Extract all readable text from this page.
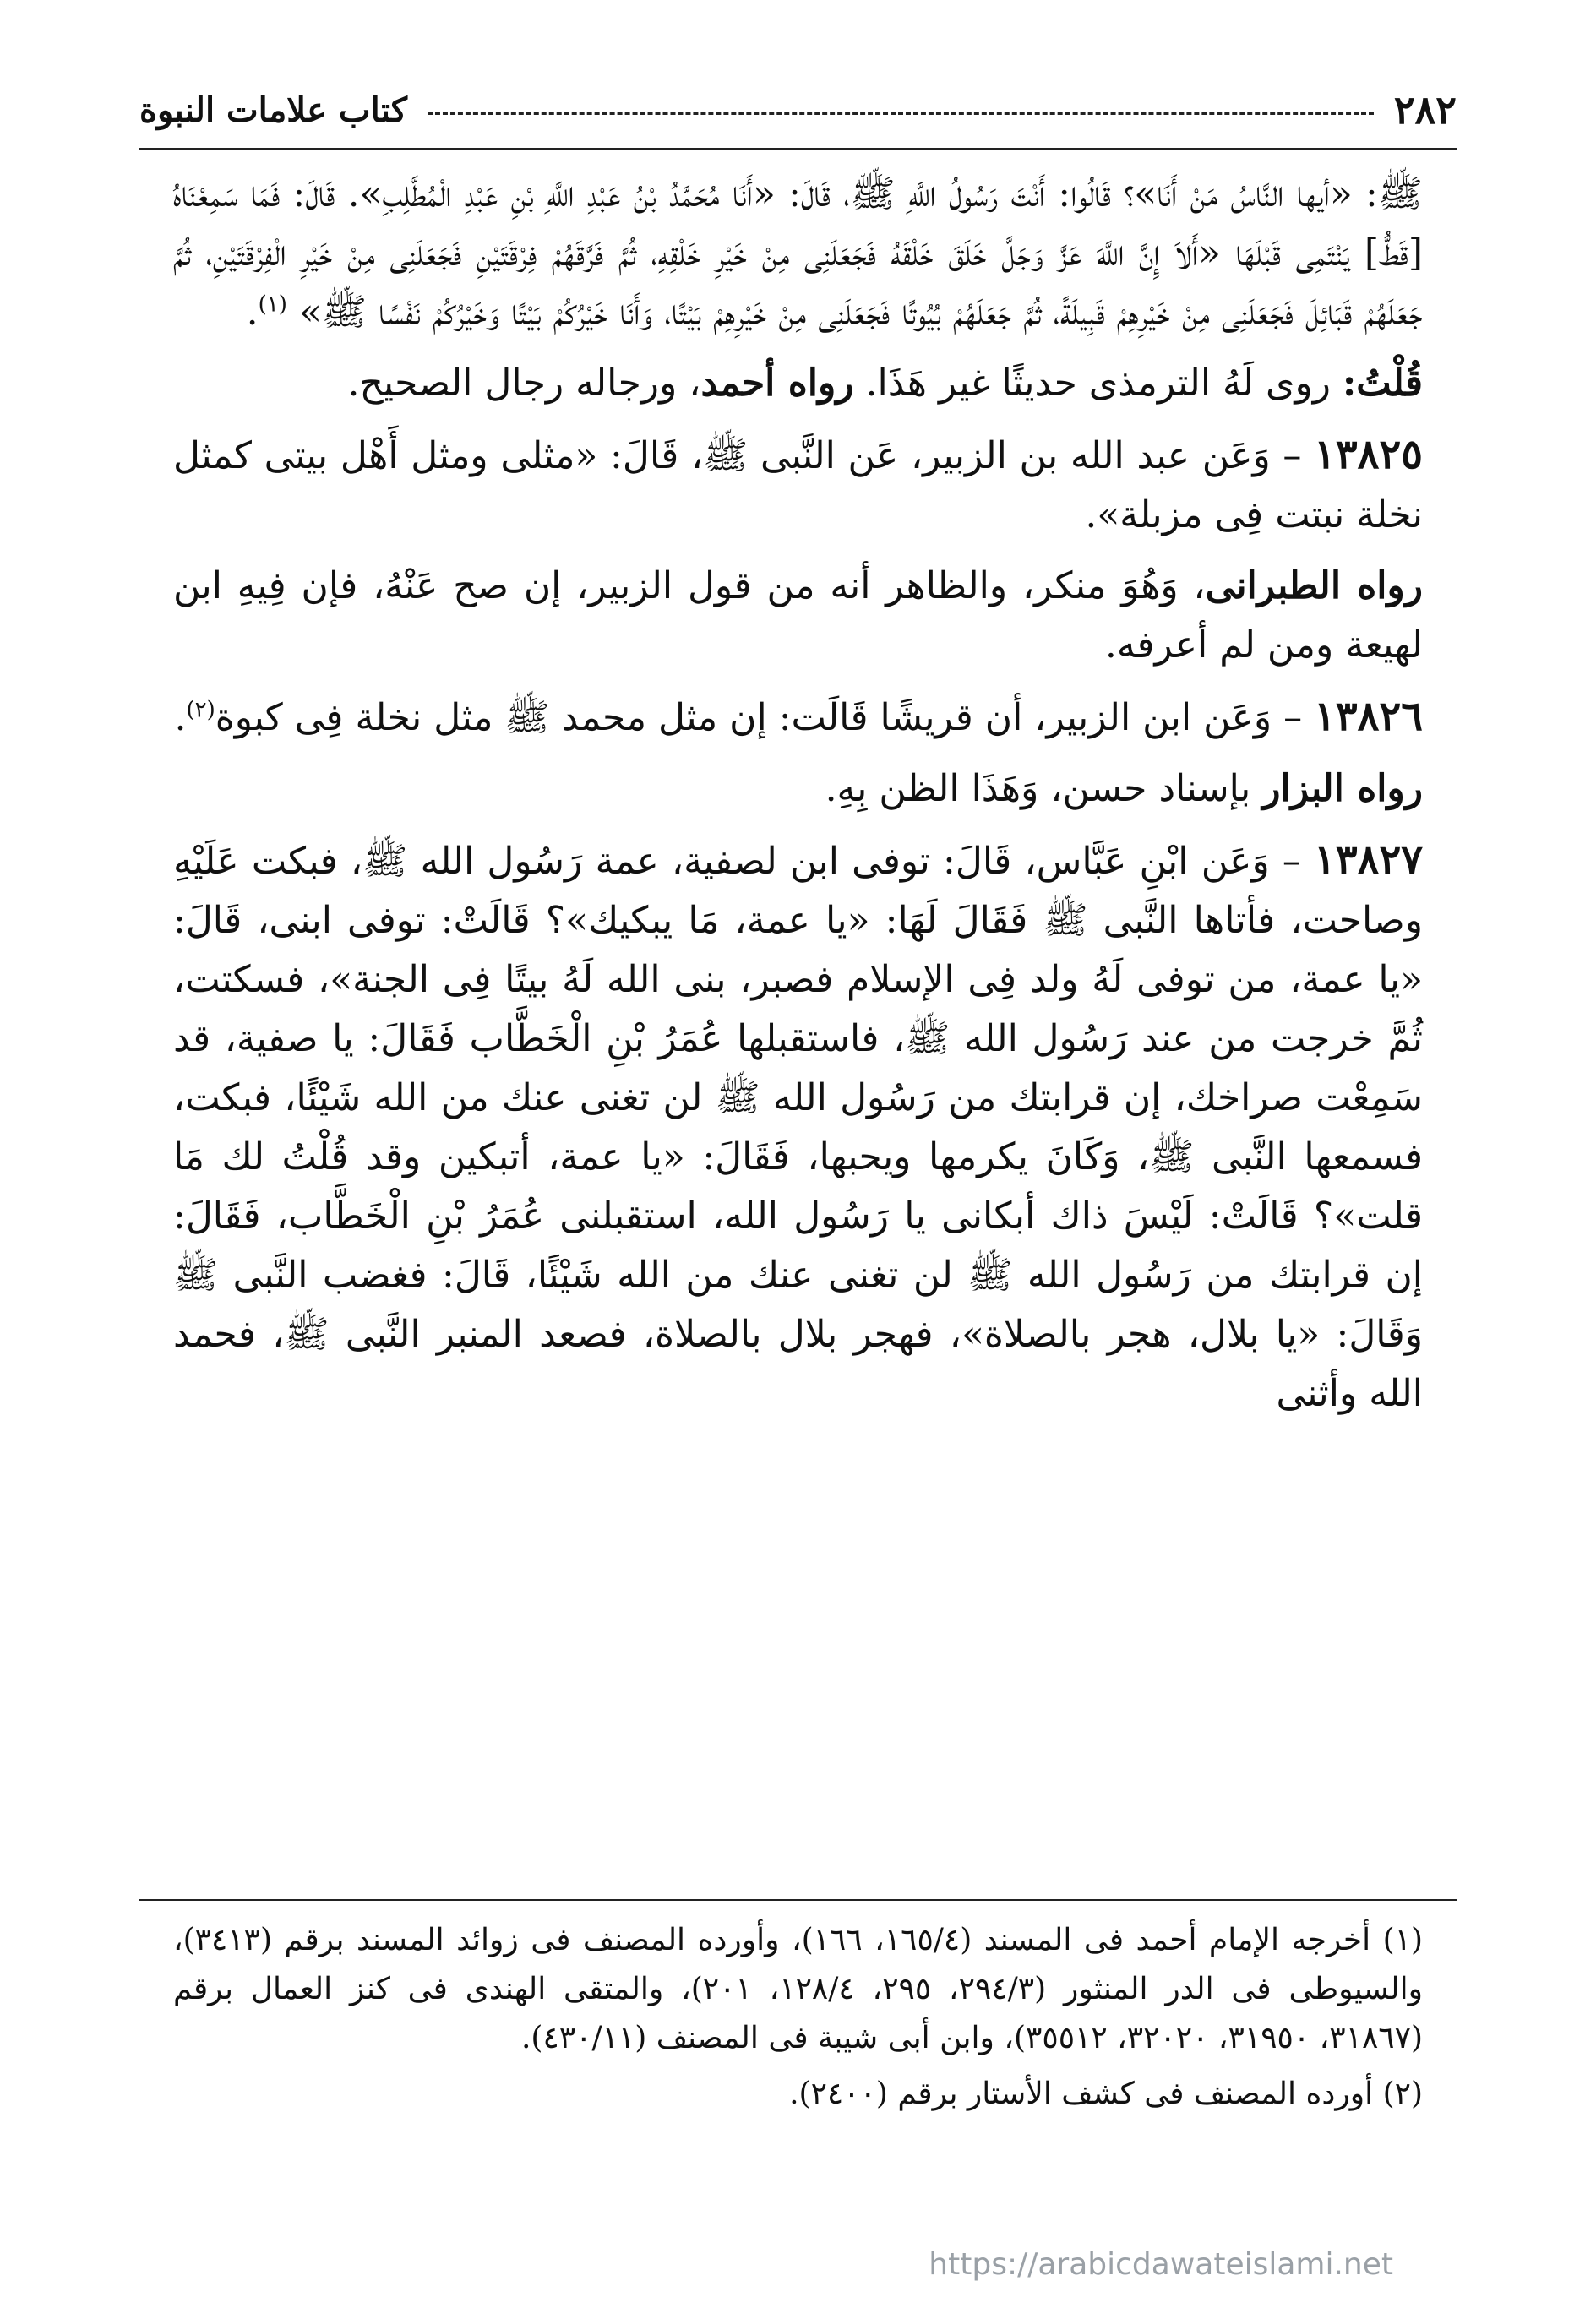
٢٨٢
كتاب علامات النبوة

ﷺ: «أيها النَّاسُ مَنْ أَنَا»؟ قَالُوا: أَنْتَ رَسُولُ اللَّهِ ﷺ، قَالَ: «أَنَا مُحَمَّدُ بْنُ عَبْدِ اللَّهِ بْنِ عَبْدِ الْمُطَّلِبِ». قَالَ: فَمَا سَمِعْنَاهُ [قَطُّ] يَنْتَمِى قَبْلَهَا «أَلاَ إِنَّ اللَّهَ عَزَّ وَجَلَّ خَلَقَ خَلْقَهُ فَجَعَلَنِى مِنْ خَيْرِ خَلْقِهِ، ثُمَّ فَرَّقَهُمْ فِرْقَتَيْنِ فَجَعَلَنِى مِنْ خَيْرِ الْفِرْقَتَيْنِ، ثُمَّ جَعَلَهُمْ قَبَائِلَ فَجَعَلَنِى مِنْ خَيْرِهِمْ قَبِيلَةً، ثُمَّ جَعَلَهُمْ بُيُوتًا فَجَعَلَنِى مِنْ خَيْرِهِمْ بَيْتًا، وَأَنَا خَيْرُكُمْ بَيْتًا وَخَيْرُكُمْ نَفْسًا ﷺ» $^{(١)}$.

قُلْتُ: روى لَهُ الترمذى حديثًا غير هَذَا. رواه أحمد، ورجاله رجال الصحيح.

١٣٨٢٥ – وَعَن عبد الله بن الزبير، عَن النَّبى ﷺ، قَالَ: «مثلى ومثل أَهْل بيتى كمثل نخلة نبتت فِى مزبلة».

رواه الطبرانى، وَهُوَ منكر، والظاهر أنه من قول الزبير، إن صح عَنْهُ، فإن فِيهِ ابن لهيعة ومن لم أعرفه.

١٣٨٢٦ – وَعَن ابن الزبير، أن قريشًا قَالَت: إن مثل محمد ﷺ مثل نخلة فِى كبوة$^{(٢)}$.

رواه البزار بإسناد حسن، وَهَذَا الظن بِهِ.

١٣٨٢٧ – وَعَن ابْنِ عَبَّاس، قَالَ: توفى ابن لصفية، عمة رَسُول الله ﷺ، فبكت عَلَيْهِ وصاحت، فأتاها النَّبى ﷺ فَقَالَ لَهَا: «يا عمة، مَا يبكيك»؟ قَالَتْ: توفى ابنى، قَالَ: «يا عمة، من توفى لَهُ ولد فِى الإسلام فصبر، بنى الله لَهُ بيتًا فِى الجنة»، فسكتت، ثُمَّ خرجت من عند رَسُول الله ﷺ، فاستقبلها عُمَرُ بْنِ الْخَطَّاب فَقَالَ: يا صفية، قد سَمِعْت صراخك، إن قرابتك من رَسُول الله ﷺ لن تغنى عنك من الله شَيْئًا، فبكت، فسمعها النَّبى ﷺ، وَكَانَ يكرمها ويحبها، فَقَالَ: «يا عمة، أتبكين وقد قُلْتُ لك مَا قلت»؟ قَالَتْ: لَيْسَ ذاك أبكانى يا رَسُول الله، استقبلنى عُمَرُ بْنِ الْخَطَّاب، فَقَالَ: إن قرابتك من رَسُول الله ﷺ لن تغنى عنك من الله شَيْئًا، قَالَ: فغضب النَّبى ﷺ وَقَالَ: «يا بلال، هجر بالصلاة»، فهجر بلال بالصلاة، فصعد المنبر النَّبى ﷺ، فحمد الله وأثنى

(١) أخرجه الإمام أحمد فى المسند (١٦٥/٤، ١٦٦)، وأورده المصنف فى زوائد المسند برقم (٣٤١٣)، والسيوطى فى الدر المنثور (٢٩٤/٣، ٢٩٥، ١٢٨/٤، ٢٠١)، والمتقى الهندى فى كنز العمال برقم (٣١٨٦٧، ٣١٩٥٠، ٣٢٠٢٠، ٣٥٥١٢)، وابن أبى شيبة فى المصنف (٤٣٠/١١).

(٢) أورده المصنف فى كشف الأستار برقم (٢٤٠٠).

https://arabicdawateislami.net
